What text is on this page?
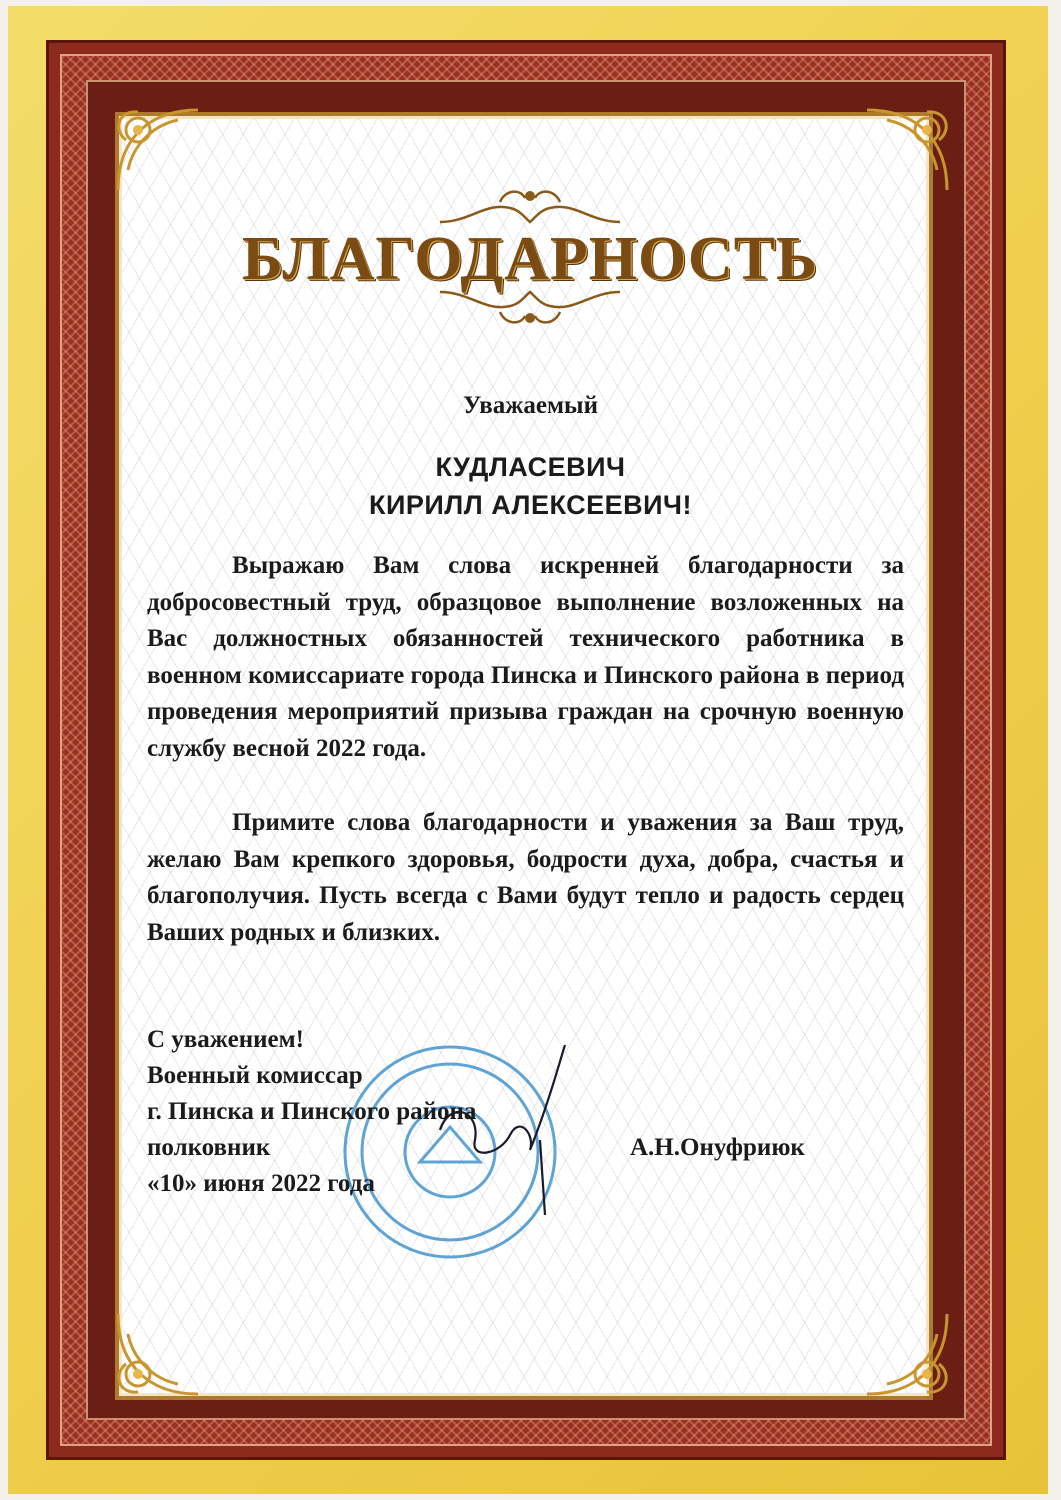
БЛАГОДАРНОСТЬ
Уважаемый
КУДЛАСЕВИЧ
КИРИЛЛ АЛЕКСЕЕВИЧ!

Выражаю Вам слова искренней благодарности за добросовестный труд, образцовое выполнение возложенных на Вас должностных обязанностей технического работника в военном комиссариате города Пинска и Пинского района в период проведения мероприятий призыва граждан на срочную военную службу весной 2022 года.

Примите слова благодарности и уважения за Ваш труд, желаю Вам крепкого здоровья, бодрости духа, добра, счастья и благополучия. Пусть всегда с Вами будут тепло и радость сердец Ваших родных и близких.

С уважением!
Военный комиссар
г. Пинска и Пинского района
полковник	А.Н.Онуфриюк
«10» июня 2022 года
